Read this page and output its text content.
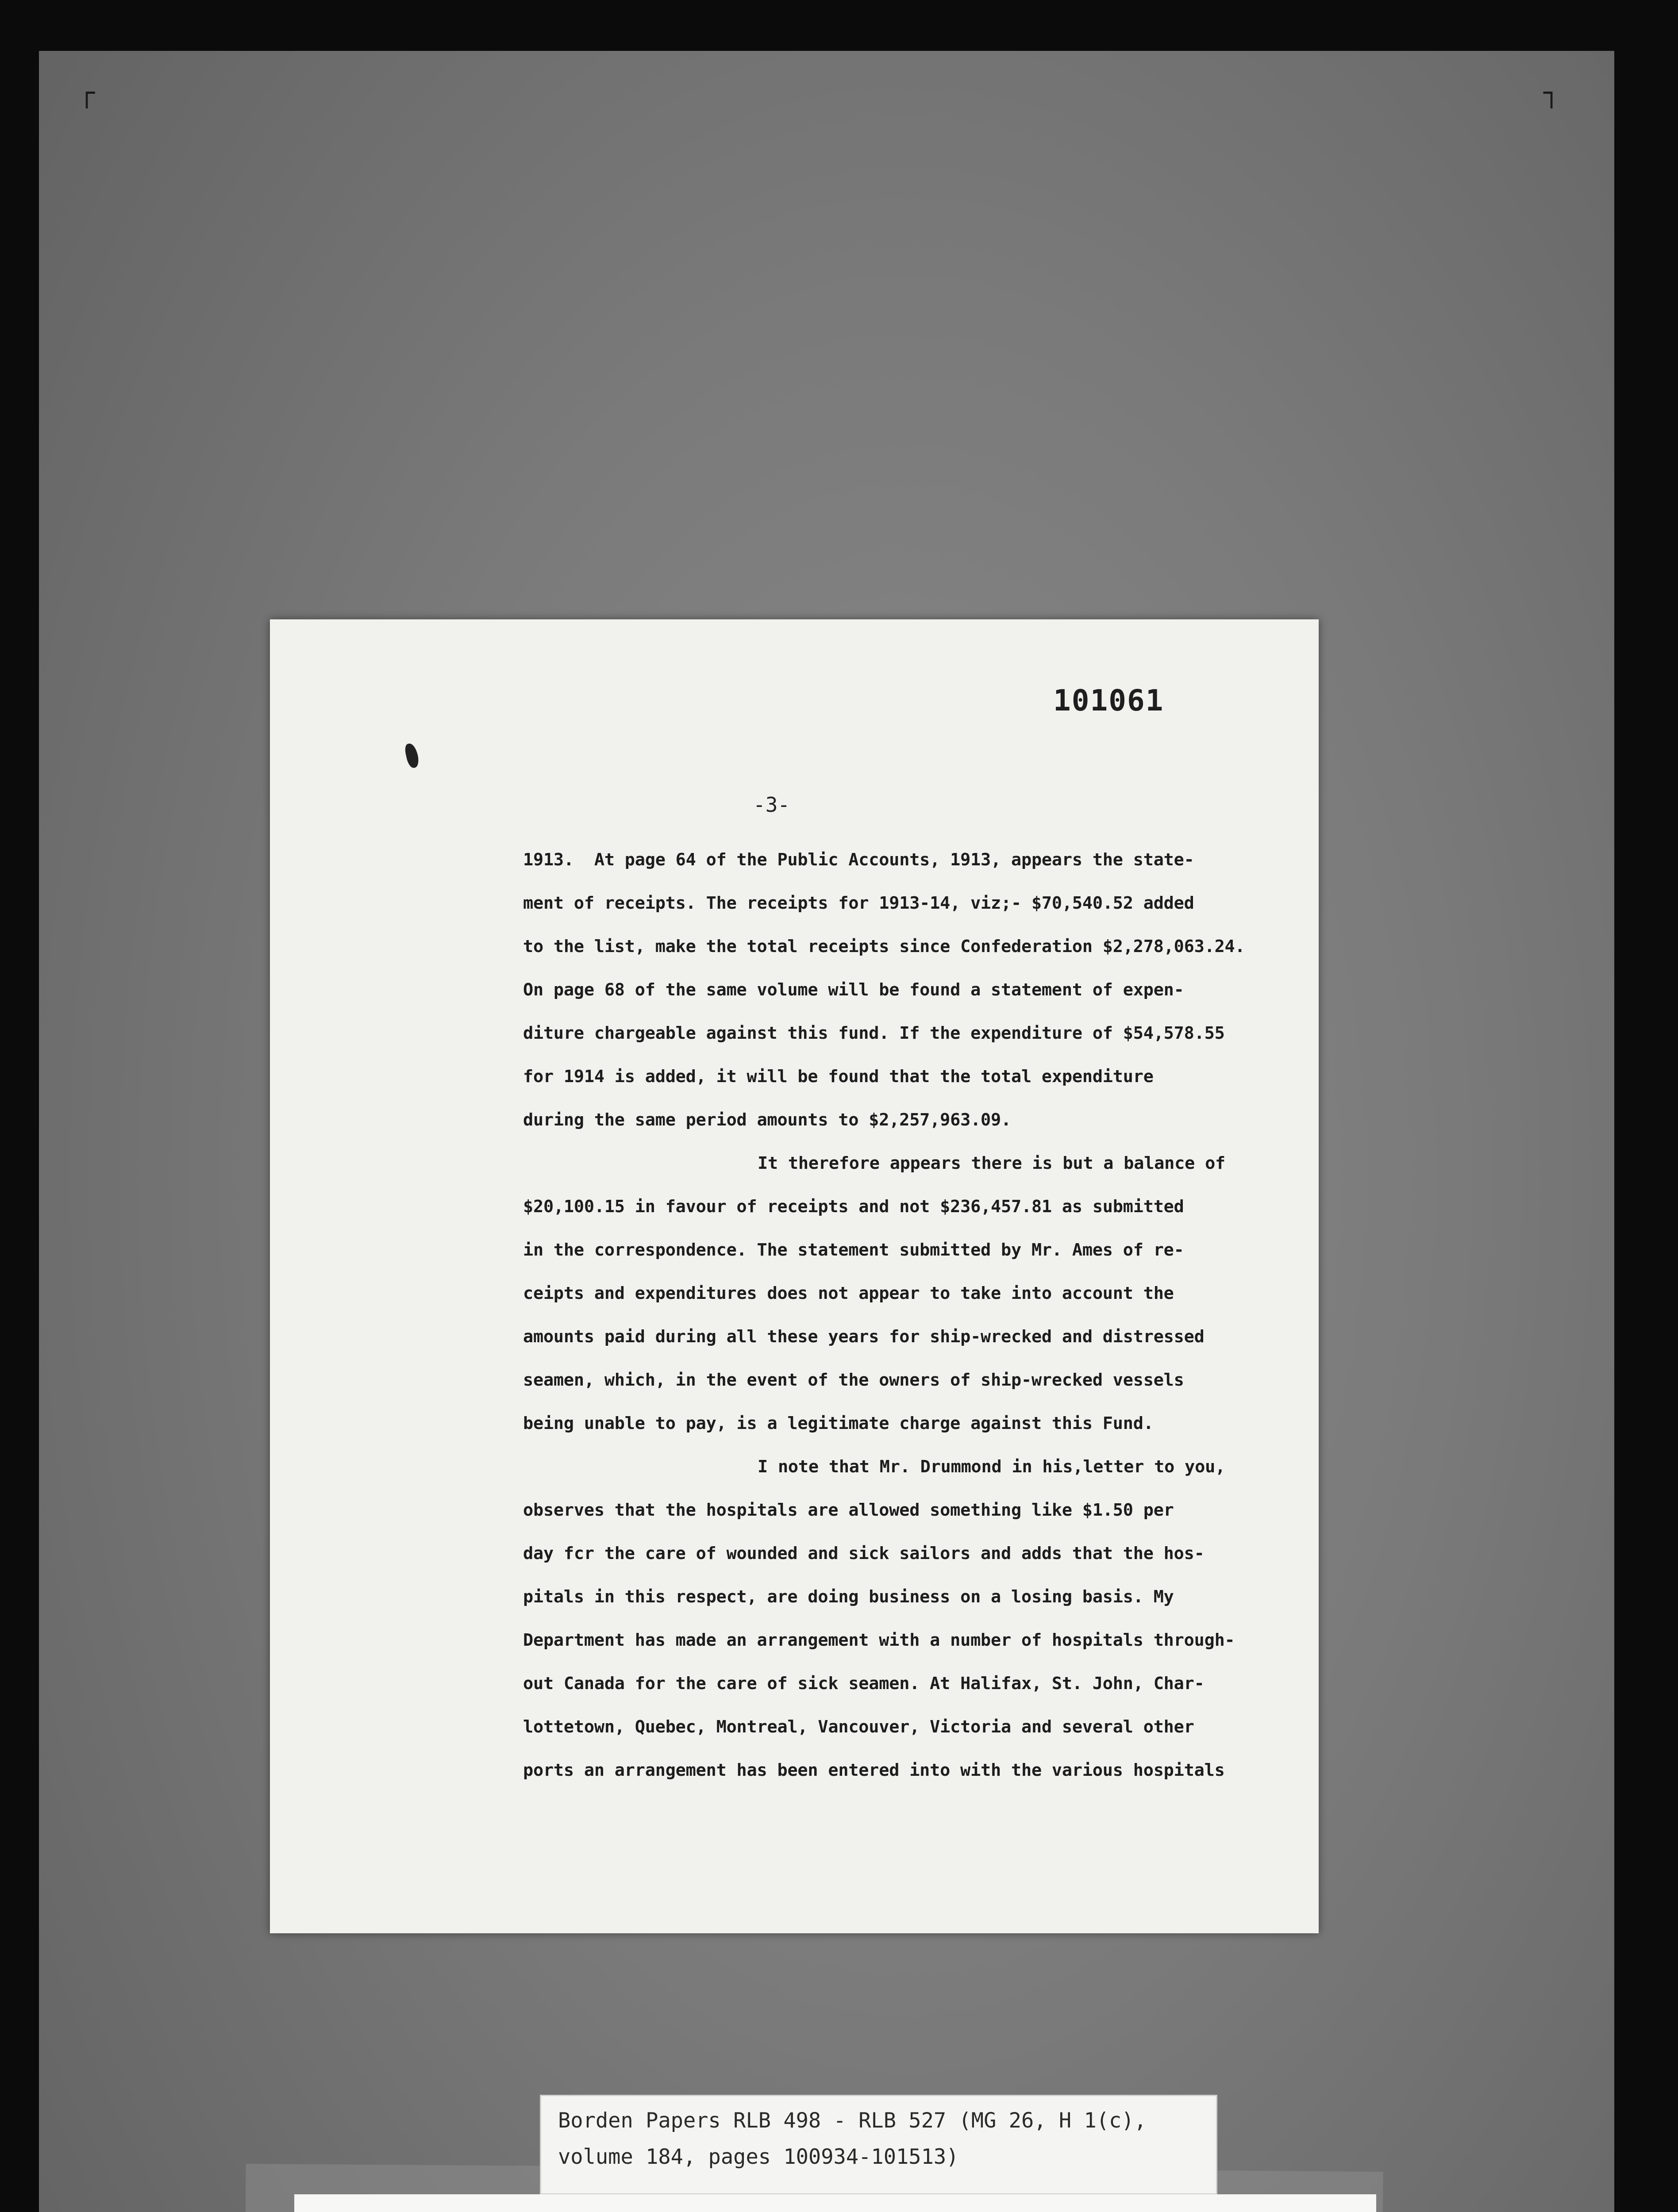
┌	┐
101061
-3-
1913.  At page 64 of the Public Accounts, 1913, appears the state-
ment of receipts. The receipts for 1913-14, viz;- $70,540.52 added
to the list, make the total receipts since Confederation $2,278,063.24.
On page 68 of the same volume will be found a statement of expen-
diture chargeable against this fund. If the expenditure of $54,578.55
for 1914 is added, it will be found that the total expenditure
during the same period amounts to $2,257,963.09.
It therefore appears there is but a balance of
$20,100.15 in favour of receipts and not $236,457.81 as submitted
in the correspondence. The statement submitted by Mr. Ames of re-
ceipts and expenditures does not appear to take into account the
amounts paid during all these years for ship-wrecked and distressed
seamen, which, in the event of the owners of ship-wrecked vessels
being unable to pay, is a legitimate charge against this Fund.
I note that Mr. Drummond in his,letter to you,
observes that the hospitals are allowed something like $1.50 per
day fcr the care of wounded and sick sailors and adds that the hos-
pitals in this respect, are doing business on a losing basis. My
Department has made an arrangement with a number of hospitals through-
out Canada for the care of sick seamen. At Halifax, St. John, Char-
lottetown, Quebec, Montreal, Vancouver, Victoria and several other
ports an arrangement has been entered into with the various hospitals
Borden Papers RLB 498 - RLB 527 (MG 26, H 1(c),
volume 184, pages 100934-101513)
